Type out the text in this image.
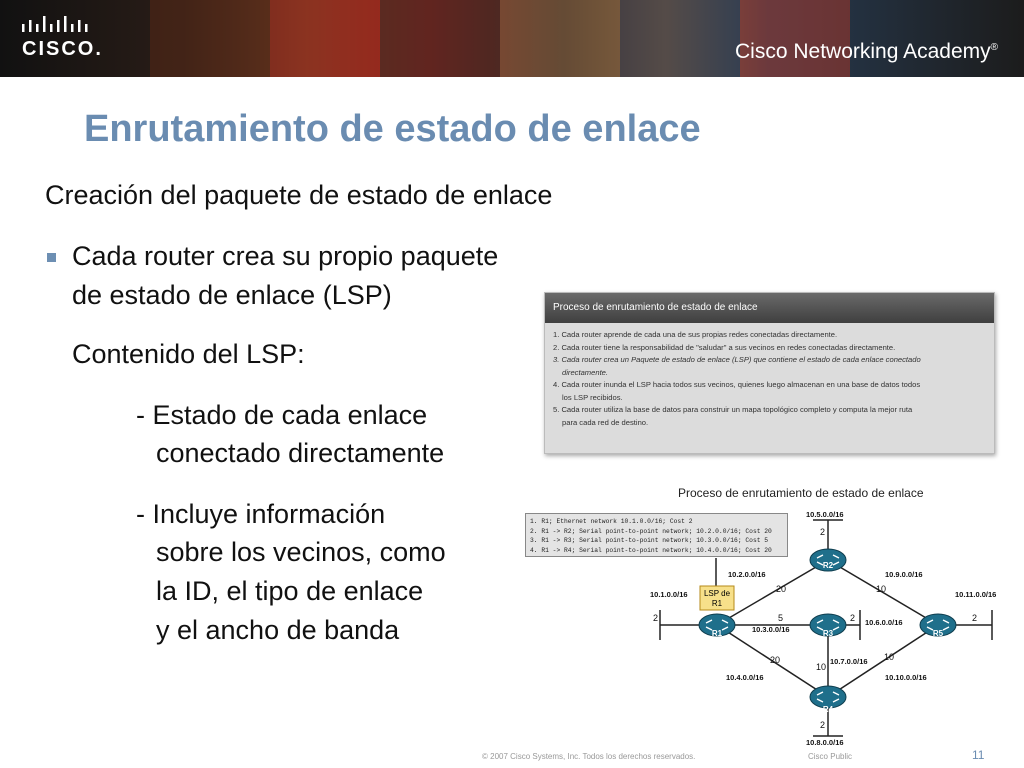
CISCO.	Cisco Networking Academy®
Enrutamiento de estado de enlace
Creación del paquete de estado de enlace
Cada router crea su propio paquete
de estado de enlace (LSP)
Contenido del LSP:
- Estado de cada enlace
conectado directamente
- Incluye información
sobre los vecinos, como
la ID, el tipo de enlace
y el ancho de banda
Proceso de enrutamiento de estado de enlace
1. Cada router aprende de cada una de sus propias redes conectadas directamente.
2. Cada router tiene la responsabilidad de "saludar" a sus vecinos en redes conectadas directamente.
3. Cada router crea un Paquete de estado de enlace (LSP) que contiene el estado de cada enlace conectado
directamente.
4. Cada router inunda el LSP hacia todos sus vecinos, quienes luego almacenan en una base de datos todos
los LSP recibidos.
5. Cada router utiliza la base de datos para construir un mapa topológico completo y computa la mejor ruta
para cada red de destino.
Proceso de enrutamiento de estado de enlace
1. R1; Ethernet network 10.1.0.0/16; Cost 2
2. R1 -> R2; Serial point-to-point network; 10.2.0.0/16; Cost 20
3. R1 -> R3; Serial point-to-point network; 10.3.0.0/16; Cost 5
4. R1 -> R4; Serial point-to-point network; 10.4.0.0/16; Cost 20
LSP de
R1
R1
R2
R3
R4
R5
10.1.0.0/16
10.2.0.0/16
10.3.0.0/16
10.4.0.0/16
10.5.0.0/16
10.6.0.0/16
10.7.0.0/16
10.8.0.0/16
10.9.0.0/16
10.10.0.0/16
10.11.0.0/16
20
5
20
10
10
10
2
2
2
2
2
© 2007 Cisco Systems, Inc. Todos los derechos reservados.	Cisco Public	11
